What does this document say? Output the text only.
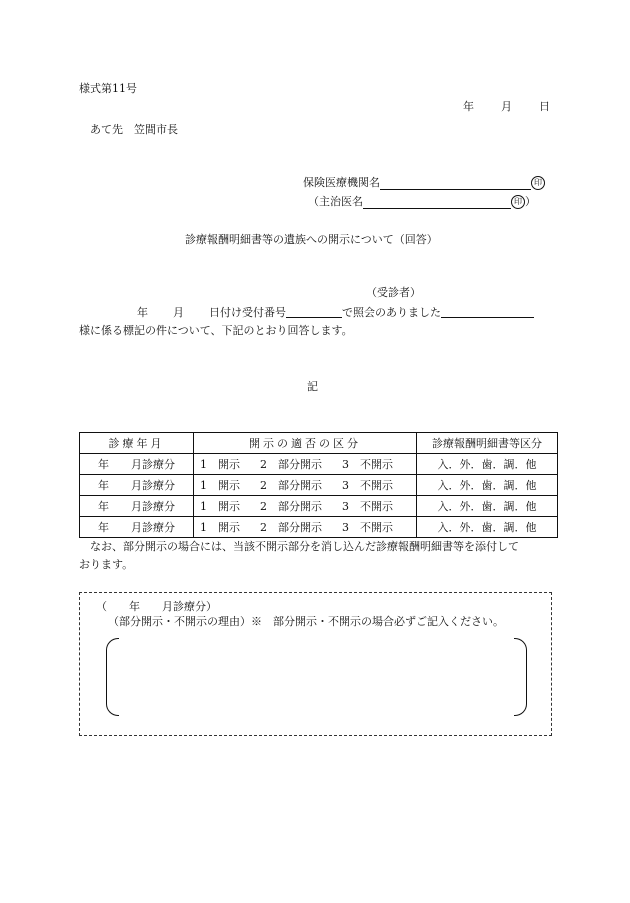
様式第11号
年 月 日
あて先　笠間市長
保険医療機関名	印
（主治医名	印 ）
診療報酬明細書等の遺族への開示について（回答）
（受診者）
年 月 日付け受付番号	で照会のありました
様に係る標記の件について、下記のとおり回答します。
記
診療年月	開示の適否の区分	診療報酬明細書等区分
年　　月診療分	1　開示 2　部分開示 3　不開示	入．外．歯．調．他
年　　月診療分	1　開示 2　部分開示 3　不開示	入．外．歯．調．他
年　　月診療分	1　開示 2　部分開示 3　不開示	入．外．歯．調．他
年　　月診療分	1　開示 2　部分開示 3　不開示	入．外．歯．調．他
なお、部分開示の場合には、当該不開示部分を消し込んだ診療報酬明細書等を添付して
おります。
（　　年　　月診療分）
（部分開示・不開示の理由）※　部分開示・不開示の場合必ずご記入ください。
